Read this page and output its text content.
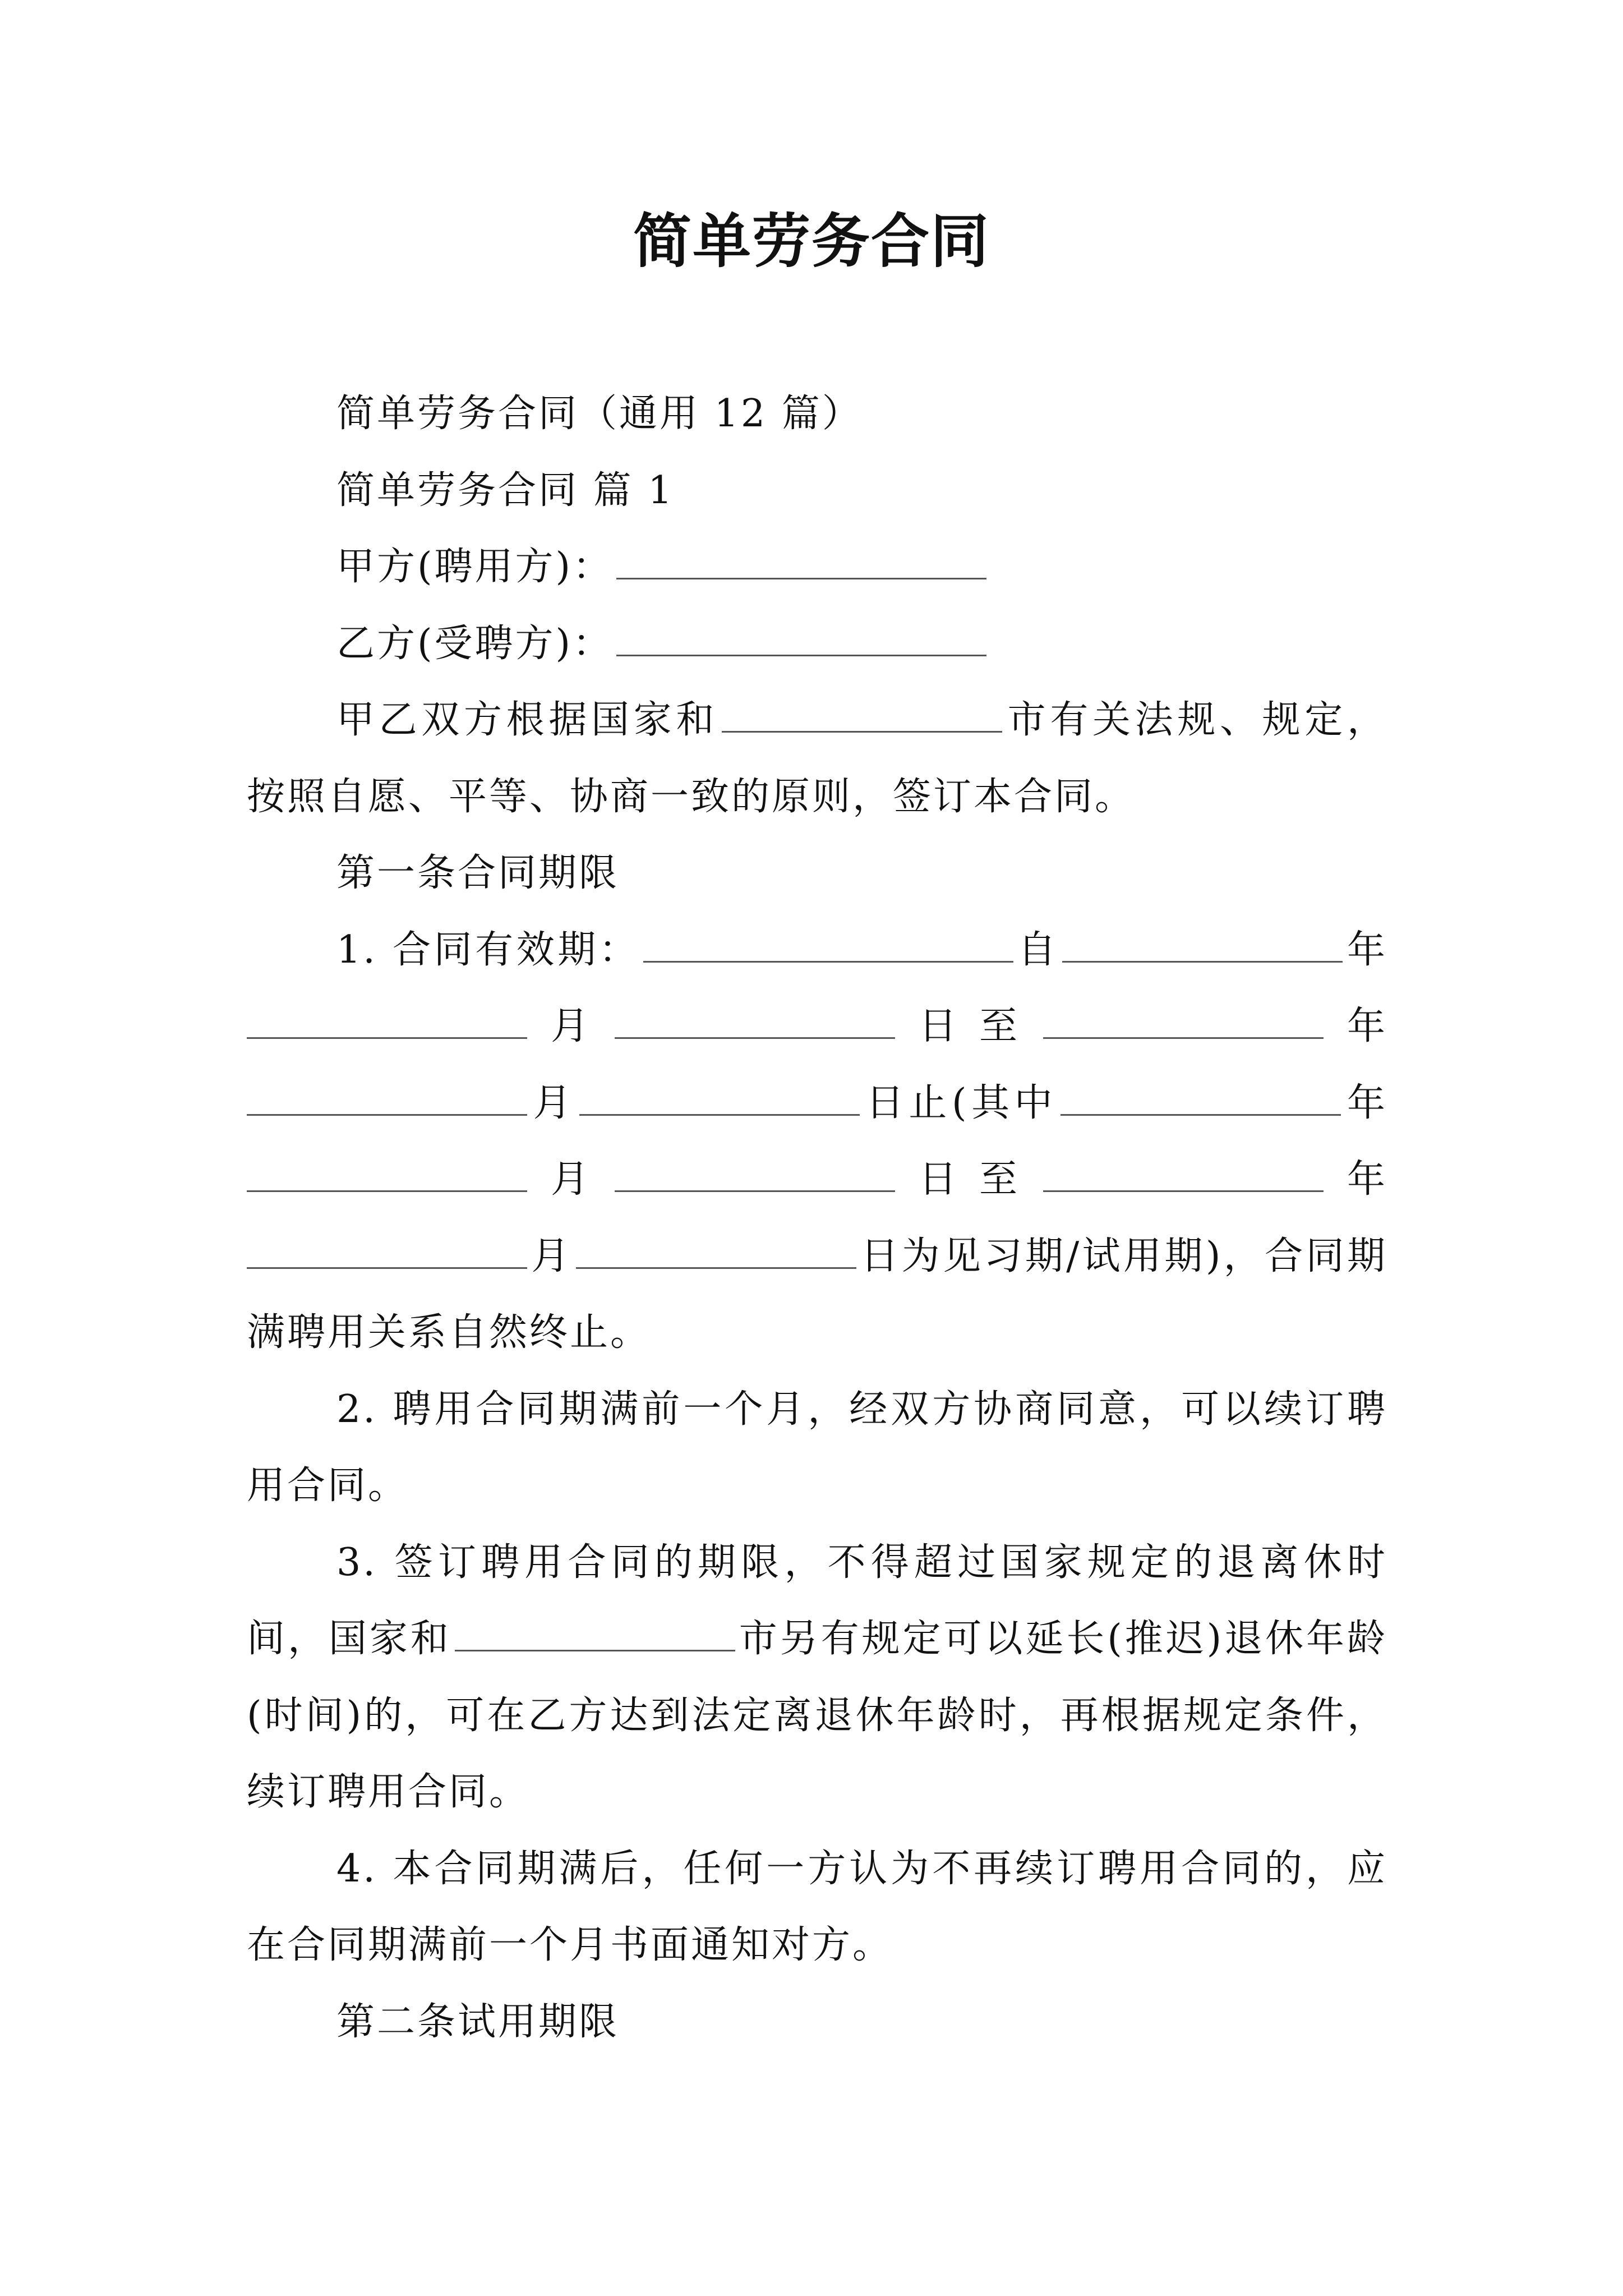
简单劳务合同

简单劳务合同（通用 12 篇）

简单劳务合同 篇 1

甲方(聘用方)：

乙方(受聘方)：

甲乙双方根据国家和	市有关法规、规定，按照自愿、平等、协商一致的原则，签订本合同。

第一条合同期限

1. 合同有效期：	自	年月	日至	年月	日止(其中	年月	日至	年月	日为见习期/试用期)，合同期满聘用关系自然终止。

2. 聘用合同期满前一个月，经双方协商同意，可以续订聘用合同。

3. 签订聘用合同的期限，不得超过国家规定的退离休时间，国家和	市另有规定可以延长(推迟)退休年龄(时间)的，可在乙方达到法定离退休年龄时，再根据规定条件，续订聘用合同。

4. 本合同期满后，任何一方认为不再续订聘用合同的，应在合同期满前一个月书面通知对方。

第二条试用期限
